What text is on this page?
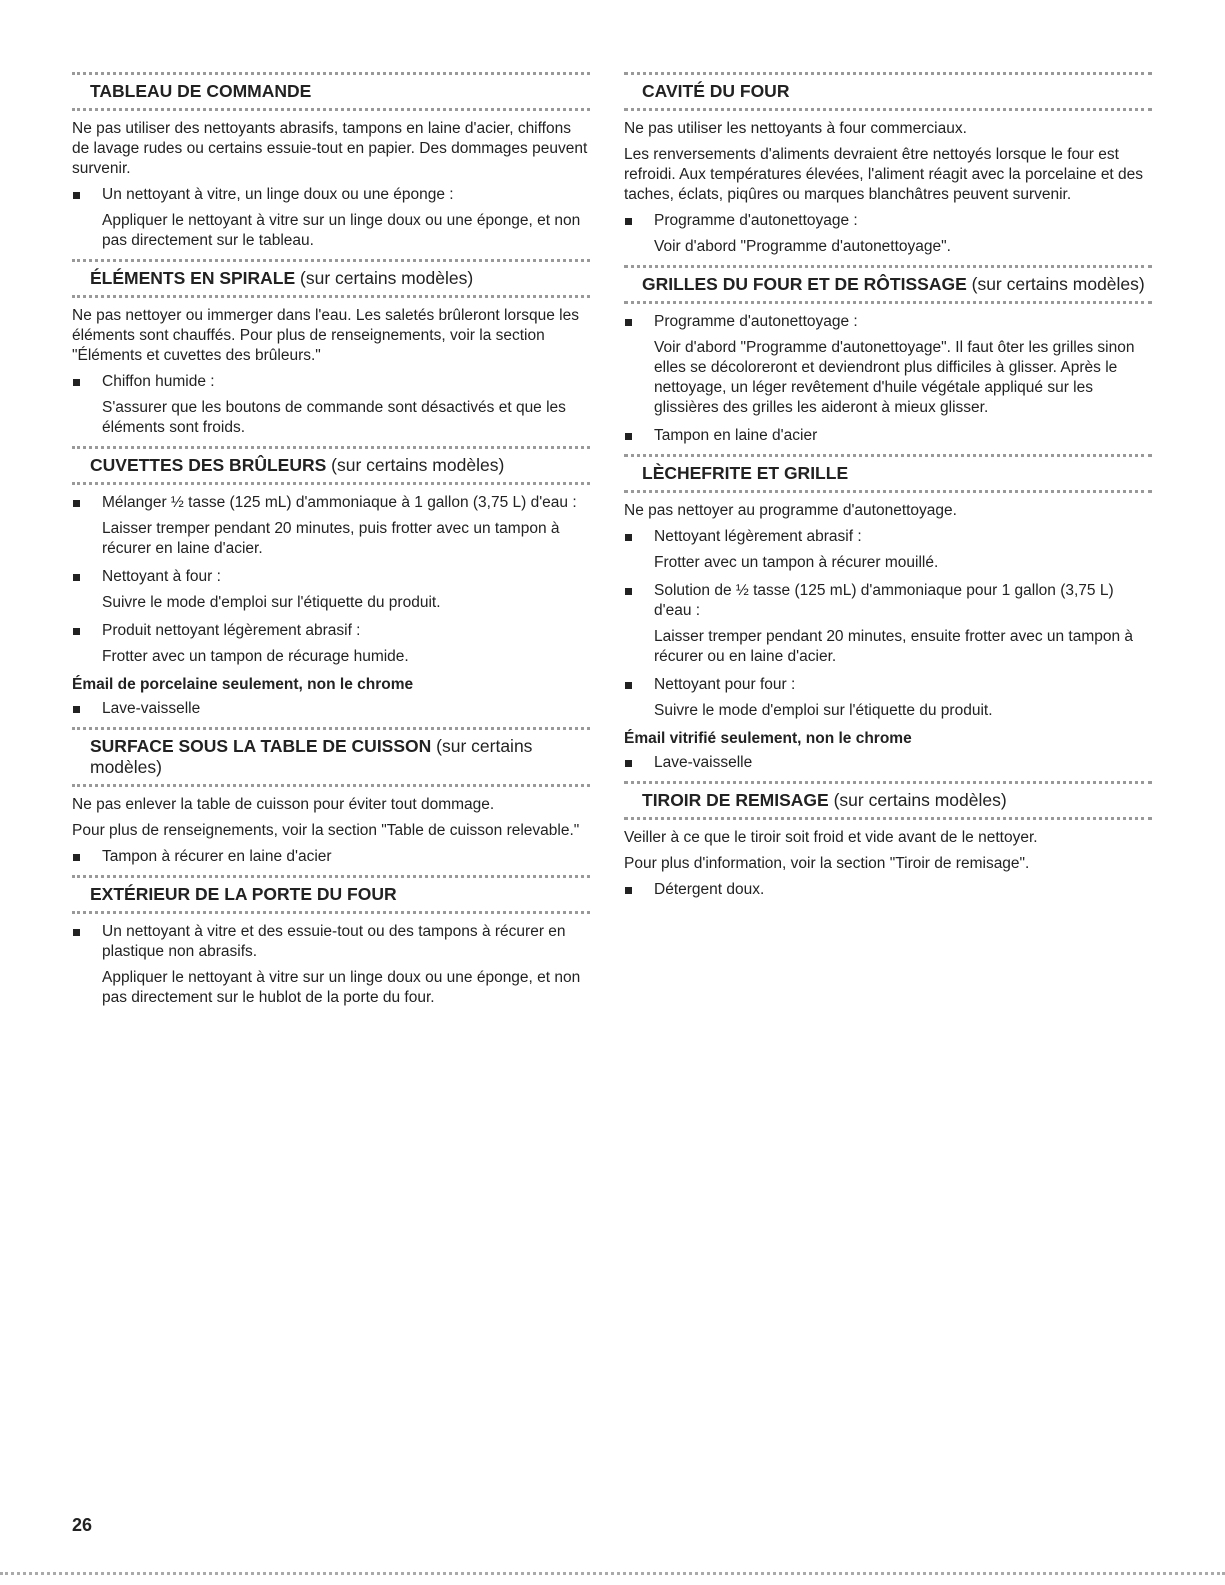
TABLEAU DE COMMANDE

Ne pas utiliser des nettoyants abrasifs, tampons en laine d'acier, chiffons de lavage rudes ou certains essuie-tout en papier. Des dommages peuvent survenir.

Un nettoyant à vitre, un linge doux ou une éponge :
Appliquer le nettoyant à vitre sur un linge doux ou une éponge, et non pas directement sur le tableau.
ÉLÉMENTS EN SPIRALE (sur certains modèles)

Ne pas nettoyer ou immerger dans l'eau. Les saletés brûleront lorsque les éléments sont chauffés. Pour plus de renseignements, voir la section "Éléments et cuvettes des brûleurs."

Chiffon humide :
S'assurer que les boutons de commande sont désactivés et que les éléments sont froids.
CUVETTES DES BRÛLEURS (sur certains modèles)
Mélanger ½ tasse (125 mL) d'ammoniaque à 1 gallon (3,75 L) d'eau :
Laisser tremper pendant 20 minutes, puis frotter avec un tampon à récurer en laine d'acier.
Nettoyant à four :
Suivre le mode d'emploi sur l'étiquette du produit.
Produit nettoyant légèrement abrasif :
Frotter avec un tampon de récurage humide.
Émail de porcelaine seulement, non le chrome
Lave-vaisselle
SURFACE SOUS LA TABLE DE CUISSON (sur certains modèles)

Ne pas enlever la table de cuisson pour éviter tout dommage.

Pour plus de renseignements, voir la section "Table de cuisson relevable."

Tampon à récurer en laine d'acier
EXTÉRIEUR DE LA PORTE DU FOUR
Un nettoyant à vitre et des essuie-tout ou des tampons à récurer en plastique non abrasifs.
Appliquer le nettoyant à vitre sur un linge doux ou une éponge, et non pas directement sur le hublot de la porte du four.
CAVITÉ DU FOUR

Ne pas utiliser les nettoyants à four commerciaux.

Les renversements d'aliments devraient être nettoyés lorsque le four est refroidi. Aux températures élevées, l'aliment réagit avec la porcelaine et des taches, éclats, piqûres ou marques blanchâtres peuvent survenir.

Programme d'autonettoyage :
Voir d'abord "Programme d'autonettoyage".
GRILLES DU FOUR ET DE RÔTISSAGE (sur certains modèles)
Programme d'autonettoyage :
Voir d'abord "Programme d'autonettoyage". Il faut ôter les grilles sinon elles se décoloreront et deviendront plus difficiles à glisser. Après le nettoyage, un léger revêtement d'huile végétale appliqué sur les glissières des grilles les aideront à mieux glisser.
Tampon en laine d'acier
LÈCHEFRITE ET GRILLE

Ne pas nettoyer au programme d'autonettoyage.

Nettoyant légèrement abrasif :
Frotter avec un tampon à récurer mouillé.
Solution de ½ tasse (125 mL) d'ammoniaque pour 1 gallon (3,75 L) d'eau :
Laisser tremper pendant 20 minutes, ensuite frotter avec un tampon à récurer ou en laine d'acier.
Nettoyant pour four :
Suivre le mode d'emploi sur l'étiquette du produit.
Émail vitrifié seulement, non le chrome
Lave-vaisselle
TIROIR DE REMISAGE (sur certains modèles)

Veiller à ce que le tiroir soit froid et vide avant de le nettoyer.

Pour plus d'information, voir la section "Tiroir de remisage".

Détergent doux.
26
